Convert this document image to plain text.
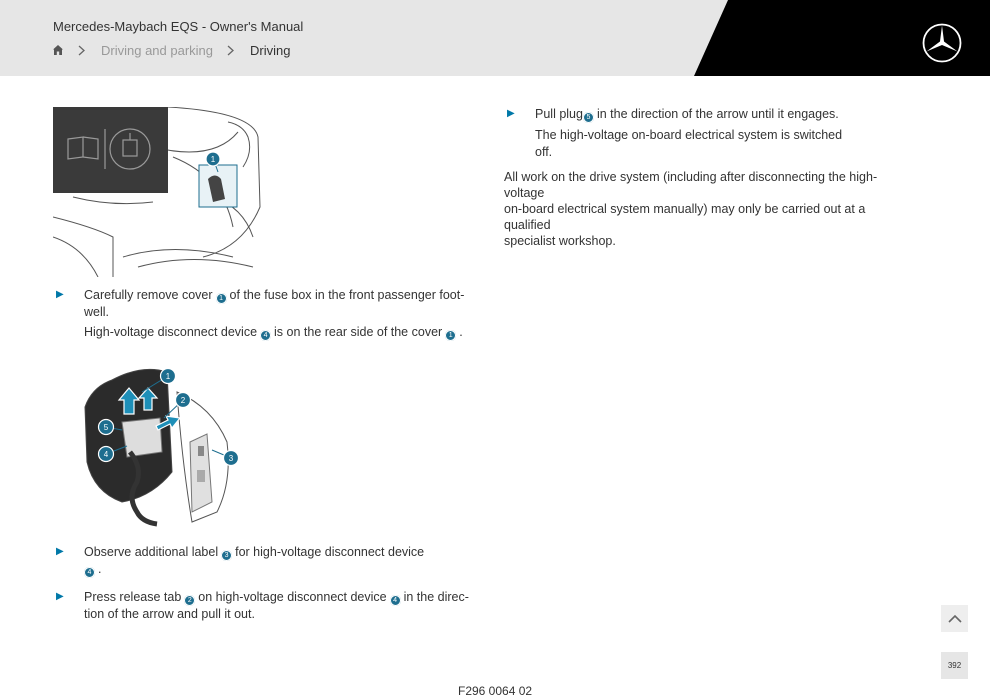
Mercedes-Maybach EQS - Owner's Manual
Driving and parking	Driving
1
▶ Carefully remove cover 1 of the fuse box in the front passenger foot-
well.
High-voltage disconnect device 4 is on the rear side of the cover 1 .
1
2
3
4
5
▶ Observe additional label 3 for high-voltage disconnect device
4 .
▶ Press release tab 2 on high-voltage disconnect device 4 in the direc-
tion of the arrow and pull it out.
▶ Pull plug 5 in the direction of the arrow until it engages.
The high-voltage on-board electrical system is switched
off.
All work on the drive system (including after disconnecting the high-voltage
on-board electrical system manually) may only be carried out at a qualified
specialist workshop.
392
F296 0064 02
